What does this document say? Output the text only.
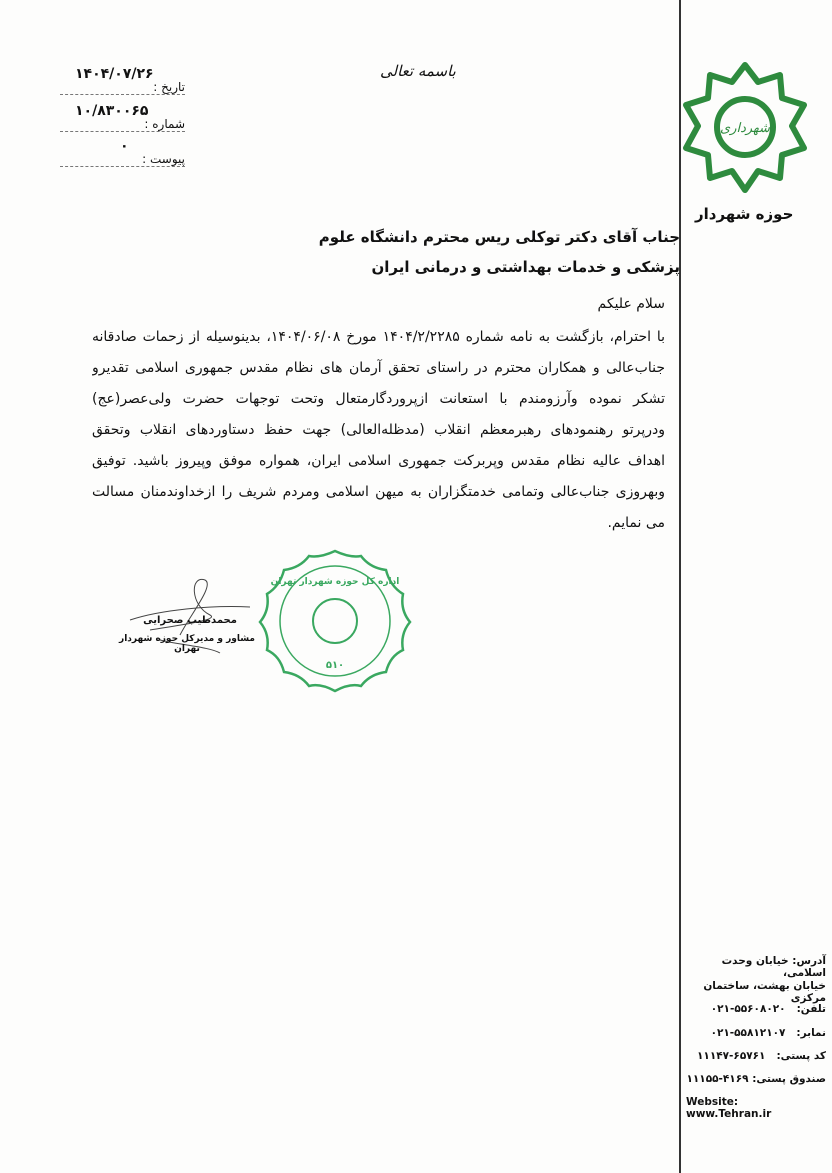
باسمه تعالی
۱۴۰۴/۰۷/۲۶
تاریخ :
۱۰/۸۳۰۰۶۵
شماره :
۰
پیوست :
شهرداری
حوزه شهردار
جناب آقای دکتر توکلی ریس محترم دانشگاه علوم
پزشکی و خدمات بهداشتی و درمانی ایران
سلام علیکم
با احترام، بازگشت به نامه شماره ۱۴۰۴/۲/۲۲۸۵ مورخ ۱۴۰۴/۰۶/۰۸، بدینوسیله از زحمات صادقانه
جناب‌عالی و همکاران محترم در راستای تحقق آرمان های نظام مقدس جمهوری اسلامی تقدیرو
تشکر نموده وآرزومندم با استعانت ازپروردگارمتعال وتحت توجهات حضرت ولی‌عصر(عج)
ودرپرتو رهنمودهای رهبرمعظم انقلاب (مدظله‌العالی) جهت حفظ دستاوردهای انقلاب وتحقق
اهداف عالیه نظام مقدس وپربرکت جمهوری اسلامی ایران، همواره موفق وپیروز باشید. توفیق
وبهروزی جناب‌عالی وتمامی خدمتگزاران به میهن اسلامی ومردم شریف را ازخداوندمنان مسالت
می نمایم.
محمدطیب صحرایی
مشاور و مدیرکل حوزه شهردار تهران
اداره کل حوزه شهردار تهران
۵۱۰
آدرس: خیابان وحدت اسلامی،
خیابان بهشت، ساختمان مرکزی
تلفن:   ۰۲۱-۵۵۶۰۸۰۲۰
نمابر:   ۰۲۱-۵۵۸۱۲۱۰۷
کد پستی:   ۱۱۱۴۷-۶۵۷۶۱
صندوق پستی: ۱۱۱۵۵-۴۱۶۹
Website: www.Tehran.ir
